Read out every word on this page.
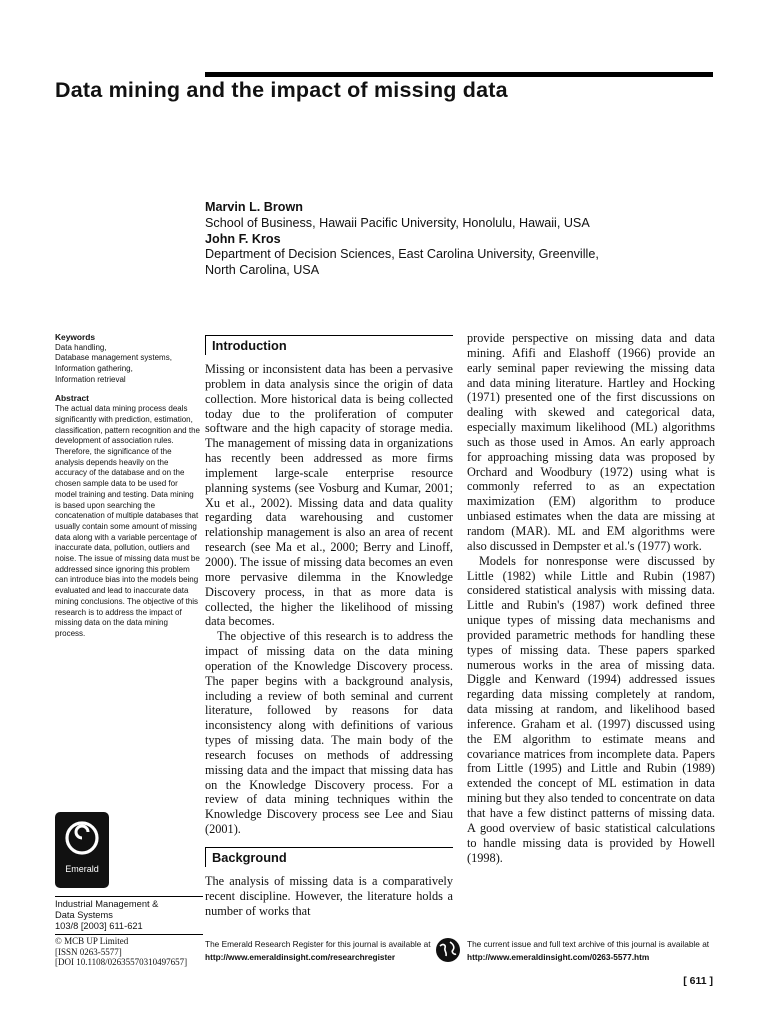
Data mining and the impact of missing data
Marvin L. Brown
School of Business, Hawaii Pacific University, Honolulu, Hawaii, USA
John F. Kros
Department of Decision Sciences, East Carolina University, Greenville,
North Carolina, USA
Keywords
Data handling,
Database management systems,
Information gathering,
Information retrieval
Abstract
The actual data mining process deals significantly with prediction, estimation, classification, pattern recognition and the development of association rules. Therefore, the significance of the analysis depends heavily on the accuracy of the database and on the chosen sample data to be used for model training and testing. Data mining is based upon searching the concatenation of multiple databases that usually contain some amount of missing data along with a variable percentage of inaccurate data, pollution, outliers and noise. The issue of missing data must be addressed since ignoring this problem can introduce bias into the models being evaluated and lead to inaccurate data mining conclusions. The objective of this research is to address the impact of missing data on the data mining process.
Emerald
Industrial Management &
Data Systems
103/8 [2003] 611-621
© MCB UP Limited
[ISSN 0263-5577]
[DOI 10.1108/02635570310497657]
Introduction

Missing or inconsistent data has been a pervasive problem in data analysis since the origin of data collection. More historical data is being collected today due to the proliferation of computer software and the high capacity of storage media. The management of missing data in organizations has recently been addressed as more firms implement large-scale enterprise resource planning systems (see Vosburg and Kumar, 2001; Xu et al., 2002). Missing data and data quality regarding data warehousing and customer relationship management is also an area of recent research (see Ma et al., 2000; Berry and Linoff, 2000). The issue of missing data becomes an even more pervasive dilemma in the Knowledge Discovery process, in that as more data is collected, the higher the likelihood of missing data becomes.

The objective of this research is to address the impact of missing data on the data mining operation of the Knowledge Discovery process. The paper begins with a background analysis, including a review of both seminal and current literature, followed by reasons for data inconsistency along with definitions of various types of missing data. The main body of the research focuses on methods of addressing missing data and the impact that missing data has on the Knowledge Discovery process. For a review of data mining techniques within the Knowledge Discovery process see Lee and Siau (2001).

Background

The analysis of missing data is a comparatively recent discipline. However, the literature holds a number of works that

provide perspective on missing data and data mining. Afifi and Elashoff (1966) provide an early seminal paper reviewing the missing data and data mining literature. Hartley and Hocking (1971) presented one of the first discussions on dealing with skewed and categorical data, especially maximum likelihood (ML) algorithms such as those used in Amos. An early approach for approaching missing data was proposed by Orchard and Woodbury (1972) using what is commonly referred to as an expectation maximization (EM) algorithm to produce unbiased estimates when the data are missing at random (MAR). ML and EM algorithms were also discussed in Dempster et al.'s (1977) work.

Models for nonresponse were discussed by Little (1982) while Little and Rubin (1987) considered statistical analysis with missing data. Little and Rubin's (1987) work defined three unique types of missing data mechanisms and provided parametric methods for handling these types of missing data. These papers sparked numerous works in the area of missing data. Diggle and Kenward (1994) addressed issues regarding data missing completely at random, data missing at random, and likelihood based inference. Graham et al. (1997) discussed using the EM algorithm to estimate means and covariance matrices from incomplete data. Papers from Little (1995) and Little and Rubin (1989) extended the concept of ML estimation in data mining but they also tended to concentrate on data that have a few distinct patterns of missing data. A good overview of basic statistical calculations to handle missing data is provided by Howell (1998).

The Emerald Research Register for this journal is available at
http://www.emeraldinsight.com/researchregister
The current issue and full text archive of this journal is available at
http://www.emeraldinsight.com/0263-5577.htm
[ 611 ]
